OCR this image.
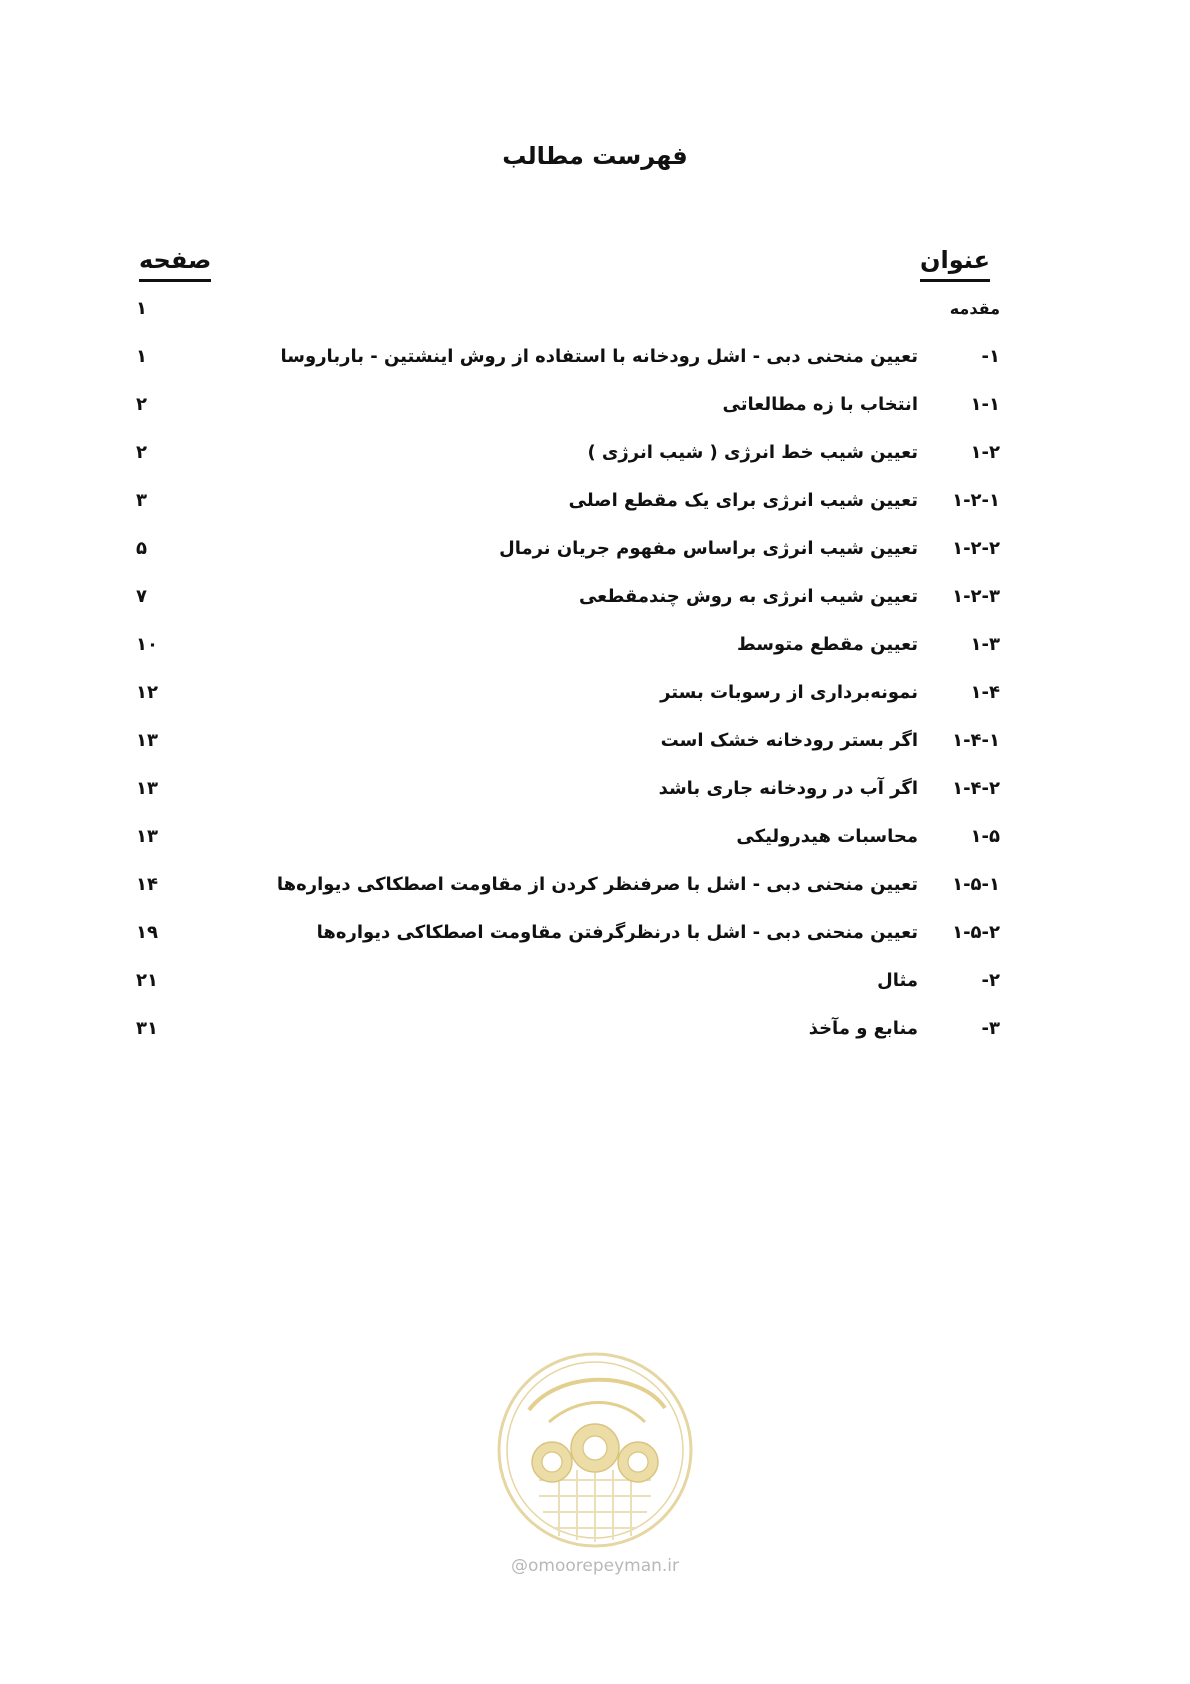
فهرست مطالب
عنوان
صفحه
مقدمه
۱
۱-
تعیین منحنی دبی - اشل رودخانه با استفاده از روش اینشتین - بارباروسا
۱
۱-۱
انتخاب با زه مطالعاتی
۲
۱-۲
تعیین شیب خط انرژی ( شیب انرژی )
۲
۱-۲-۱
تعیین شیب انرژی برای یک مقطع اصلی
۳
۱-۲-۲
تعیین شیب انرژی براساس مفهوم جریان نرمال
۵
۱-۲-۳
تعیین شیب انرژی به روش چندمقطعی
۷
۱-۳
تعیین مقطع متوسط
۱۰
۱-۴
نمونه‌برداری از رسوبات بستر
۱۲
۱-۴-۱
اگر بستر رودخانه خشک است
۱۳
۱-۴-۲
اگر آب در رودخانه جاری باشد
۱۳
۱-۵
محاسبات هیدرولیکی
۱۳
۱-۵-۱
تعیین منحنی دبی - اشل با صرفنظر کردن از مقاومت اصطکاکی دیواره‌ها
۱۴
۱-۵-۲
تعیین منحنی دبی - اشل با درنظرگرفتن مقاومت اصطکاکی دیواره‌ها
۱۹
۲-
مثال
۲۱
۳-
منابع و مآخذ
۳۱
@omoorepeyman.ir
